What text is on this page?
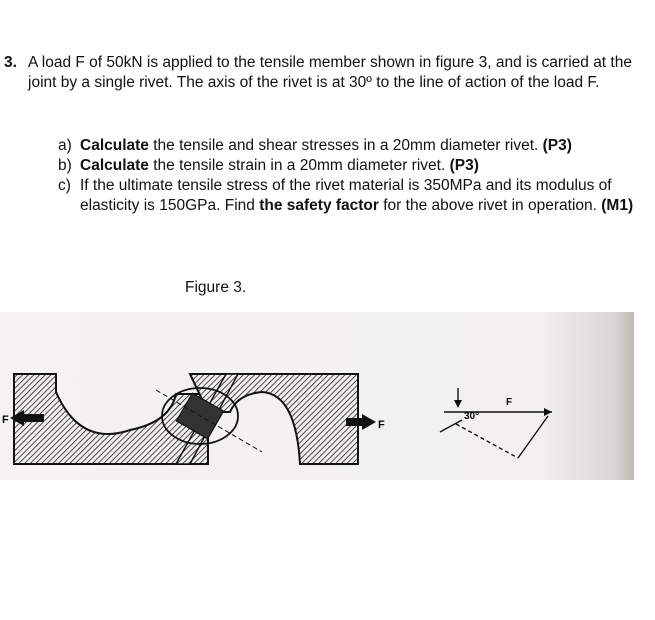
3. A load F of 50kN is applied to the tensile member shown in figure 3, and is carried at the joint by a single rivet. The axis of the rivet is at 30º to the line of action of the load F.
a) Calculate the tensile and shear stresses in a 20mm diameter rivet. (P3)
b) Calculate the tensile strain in a 20mm diameter rivet. (P3)
c) If the ultimate tensile stress of the rivet material is 350MPa and its modulus of elasticity is 150GPa. Find the safety factor for the above rivet in operation. (M1)
Figure 3.
F	F
F
30°
